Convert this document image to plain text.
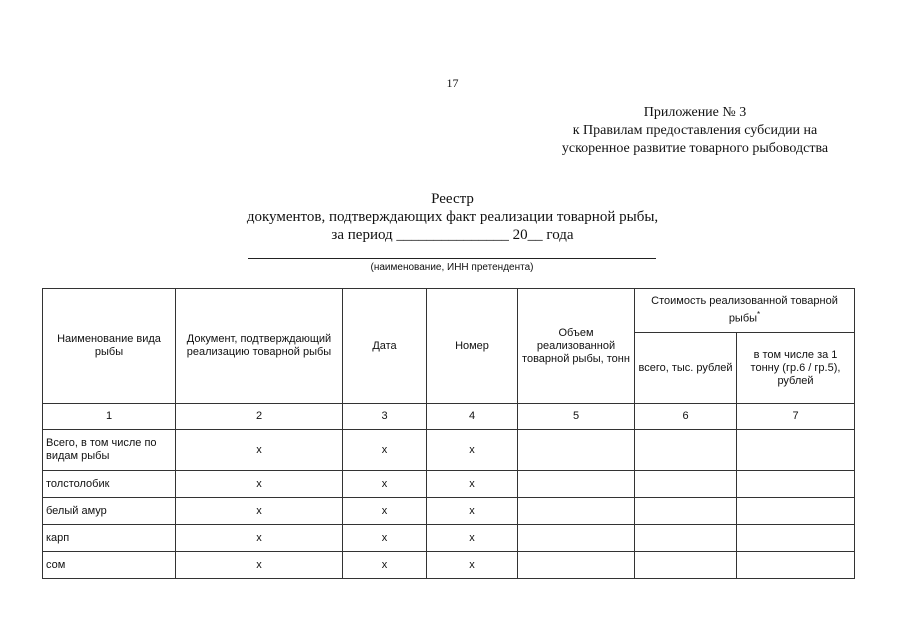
17
Приложение № 3
к Правилам предоставления субсидии на
ускоренное развитие товарного рыбоводства
Реестр
документов, подтверждающих факт реализации товарной рыбы,
за период _______________ 20__ года
(наименование, ИНН претендента)
Наименование вида рыбы	Документ, подтверждающий реализацию товарной рыбы	Дата	Номер	Объем реализованной товарной рыбы, тонн	Стоимость реализованной товарной рыбы*
					всего, тыс. рублей	в том числе за 1 тонну (гр.6 / гр.5), рублей
1	2	3	4	5	6	7
Всего, в том числе по видам рыбы	х	х	х			
толстолобик	х	х	х			
белый амур	х	х	х			
карп	х	х	х			
сом	х	х	х			
